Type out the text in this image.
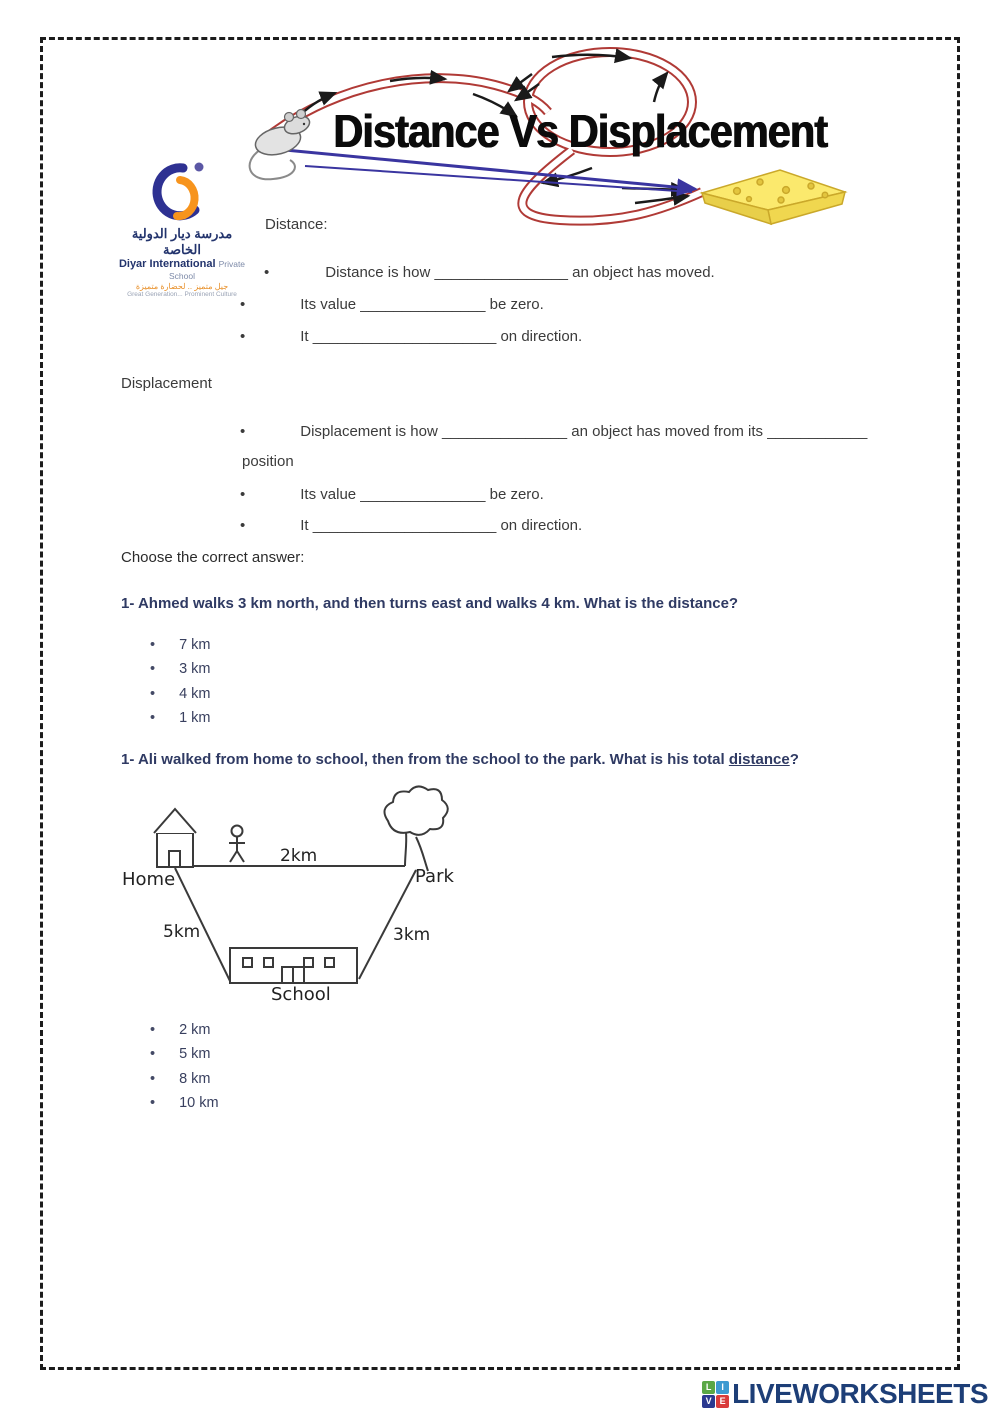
Distance Vs Displacement
مدرسة ديار الدولية الخاصة
Diyar International Private School
جيل متميز .. لحضارة متميزة
Great Generation... Prominent Culture
Distance:
•	Distance is how ________________ an object has moved.
•	Its value _______________ be zero.
•	It ______________________ on direction.
Displacement
•	Displacement is how _______________ an object has moved from its ____________
position
•	Its value _______________ be zero.
•	It ______________________ on direction.
Choose the correct answer:
1- Ahmed walks 3 km north, and then turns east and walks 4 km. What is the distance?
• 7 km
• 3 km
• 4 km
• 1 km
1- Ali walked from home to school, then from the school to the park. What is his total distance?
Home	Park
School
2km
5km	3km
• 2 km
• 5 km
• 8 km
• 10 km
L	I
V E LIVEWORKSHEETS
